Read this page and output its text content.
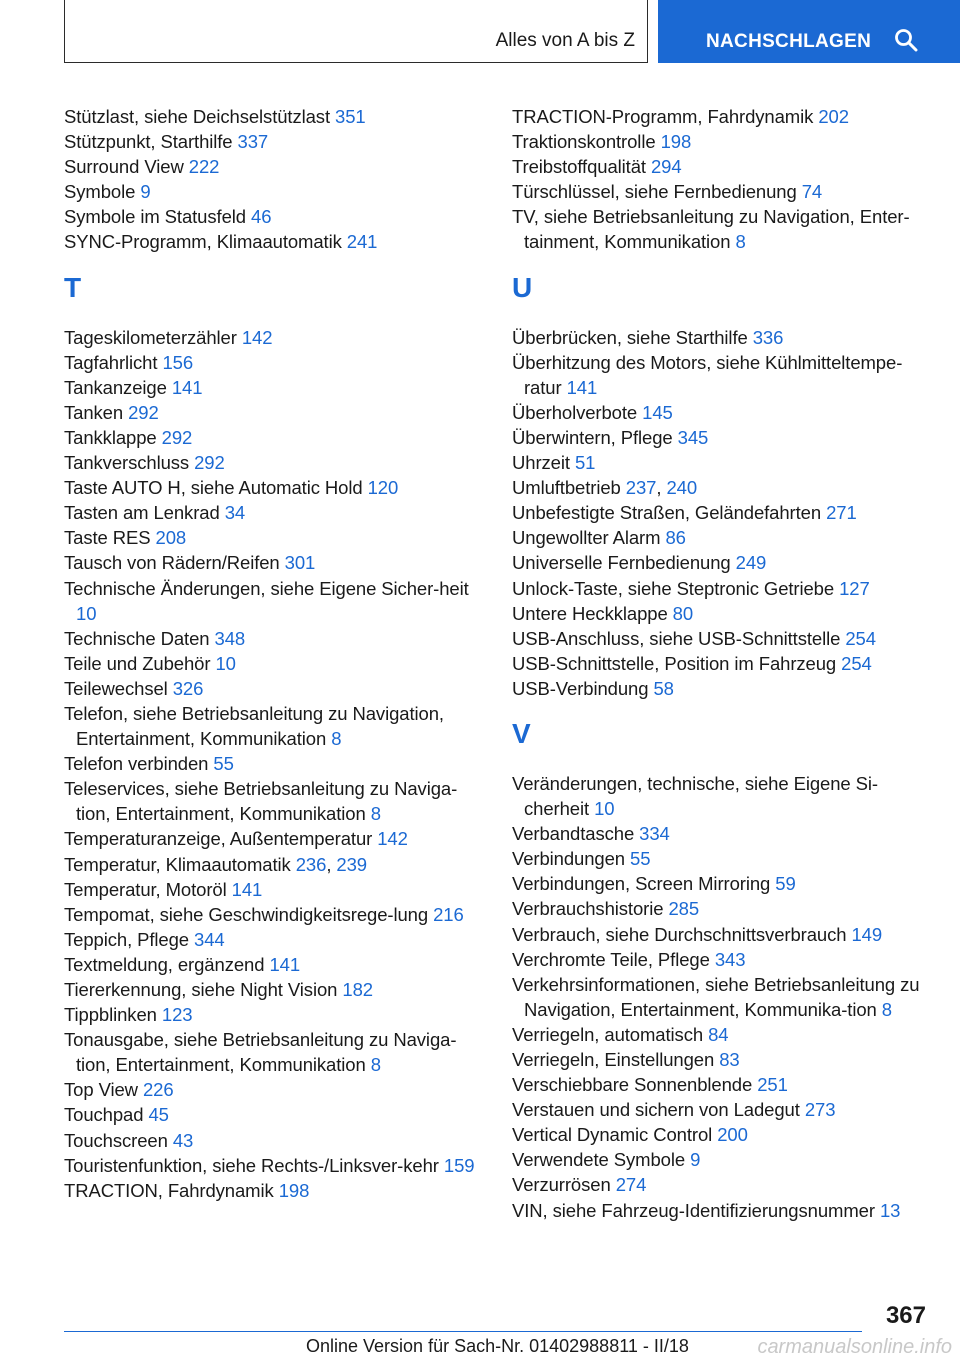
Alles von A bis Z	NACHSCHLAGEN
Stützlast, siehe Deichselstützlast 351
Stützpunkt, Starthilfe 337
Surround View 222
Symbole 9
Symbole im Statusfeld 46
SYNC-Programm, Klimaautomatik 241
T
Tageskilometerzähler 142
Tagfahrlicht 156
Tankanzeige 141
Tanken 292
Tankklappe 292
Tankverschluss 292
Taste AUTO H, siehe Automatic Hold 120
Tasten am Lenkrad 34
Taste RES 208
Tausch von Rädern/Reifen 301
Technische Änderungen, siehe Eigene Sicher-heit 10
Technische Daten 348
Teile und Zubehör 10
Teilewechsel 326
Telefon, siehe Betriebsanleitung zu Navigation, Entertainment, Kommunikation 8
Telefon verbinden 55
Teleservices, siehe Betriebsanleitung zu Naviga-tion, Entertainment, Kommunikation 8
Temperaturanzeige, Außentemperatur 142
Temperatur, Klimaautomatik 236, 239
Temperatur, Motoröl 141
Tempomat, siehe Geschwindigkeitsrege-lung 216
Teppich, Pflege 344
Textmeldung, ergänzend 141
Tiererkennung, siehe Night Vision 182
Tippblinken 123
Tonausgabe, siehe Betriebsanleitung zu Naviga-tion, Entertainment, Kommunikation 8
Top View 226
Touchpad 45
Touchscreen 43
Touristenfunktion, siehe Rechts-/Linksver-kehr 159
TRACTION, Fahrdynamik 198
TRACTION-Programm, Fahrdynamik 202
Traktionskontrolle 198
Treibstoffqualität 294
Türschlüssel, siehe Fernbedienung 74
TV, siehe Betriebsanleitung zu Navigation, Enter-tainment, Kommunikation 8
U
Überbrücken, siehe Starthilfe 336
Überhitzung des Motors, siehe Kühlmitteltempe-ratur 141
Überholverbote 145
Überwintern, Pflege 345
Uhrzeit 51
Umluftbetrieb 237, 240
Unbefestigte Straßen, Geländefahrten 271
Ungewollter Alarm 86
Universelle Fernbedienung 249
Unlock-Taste, siehe Steptronic Getriebe 127
Untere Heckklappe 80
USB-Anschluss, siehe USB-Schnittstelle 254
USB-Schnittstelle, Position im Fahrzeug 254
USB-Verbindung 58
V
Veränderungen, technische, siehe Eigene Si-cherheit 10
Verbandtasche 334
Verbindungen 55
Verbindungen, Screen Mirroring 59
Verbrauchshistorie 285
Verbrauch, siehe Durchschnittsverbrauch 149
Verchromte Teile, Pflege 343
Verkehrsinformationen, siehe Betriebsanleitung zu Navigation, Entertainment, Kommunika-tion 8
Verriegeln, automatisch 84
Verriegeln, Einstellungen 83
Verschiebbare Sonnenblende 251
Verstauen und sichern von Ladegut 273
Vertical Dynamic Control 200
Verwendete Symbole 9
Verzurrösen 274
VIN, siehe Fahrzeug-Identifizierungsnummer 13
367
Online Version für Sach-Nr. 01402988811 - II/18	carmanualsonline.info
